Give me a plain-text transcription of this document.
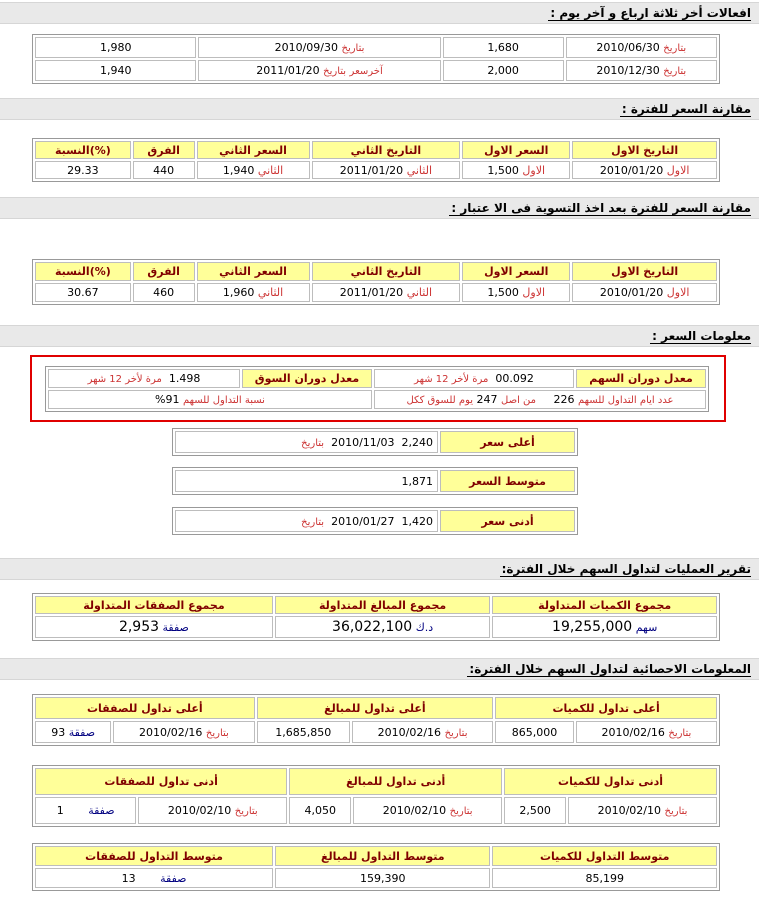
افعالات أخر ثلاثة ارباع و آخر يوم :
1,980	بتاريخ 2010/09/30	1,680	بتاريخ 2010/06/30
1,940	آخرسعر بتاريخ 2011/01/20	2,000	بتاريخ 2010/12/30
مقارنة السعر للفترة :
التاريخ الاول	السعر الاول	التاريخ الثاني	السعر الثاني	الفرق	(%)النسبة
الاول 2010/01/20	الاول 1,500	الثاني 2011/01/20	الثاني 1,940	440	29.33
مقارنة السعر للفترة بعد اخذ التسوية فى الا عتبار :
التاريخ الاول	السعر الاول	التاريخ الثاني	السعر الثاني	الفرق	(%)النسبة
الاول 2010/01/20	الاول 1,500	الثاني 2011/01/20	الثاني 1,960	460	30.67
معلومات السعر :
معدل دوران السهم	00.092  مرة لأخر 12 شهر	معدل دوران السوق	1.498  مرة لأخر 12 شهر
عدد ايام التداول للسهم 226     من اصل 247 يوم للسوق ككل		نسبة التداول للسهم 91%	
أعلى سعر	2,240  2010/11/03  بتاريخ
متوسط السعر	1,871
أدنى سعر	1,420  2010/01/27  بتاريخ
تقرير العمليات لتداول السهم خلال الفترة:
مجموع الكميات المتداولة	مجموع المبالغ المتداولة	مجموع الصفقات المتداولة
سهم 19,255,000	د.ك 36,022,100	صفقة 2,953
المعلومات الاحصائية لتداول السهم خلال الفترة:
أعلى تداول للكميات		أعلى تداول للمبالغ		أعلى تداول للصفقات	
بتاريخ 2010/02/16	865,000	بتاريخ 2010/02/16	1,685,850	بتاريخ 2010/02/16	صفقة 93
أدنى تداول للكميات		أدنى تداول للمبالغ		أدنى تداول للصفقات	
بتاريخ 2010/02/10	2,500	بتاريخ 2010/02/10	4,050	بتاريخ 2010/02/10	صفقة       1
متوسط التداول للكميات	متوسط التداول للمبالغ	متوسط التداول للصفقات
85,199	159,390	صفقة       13
